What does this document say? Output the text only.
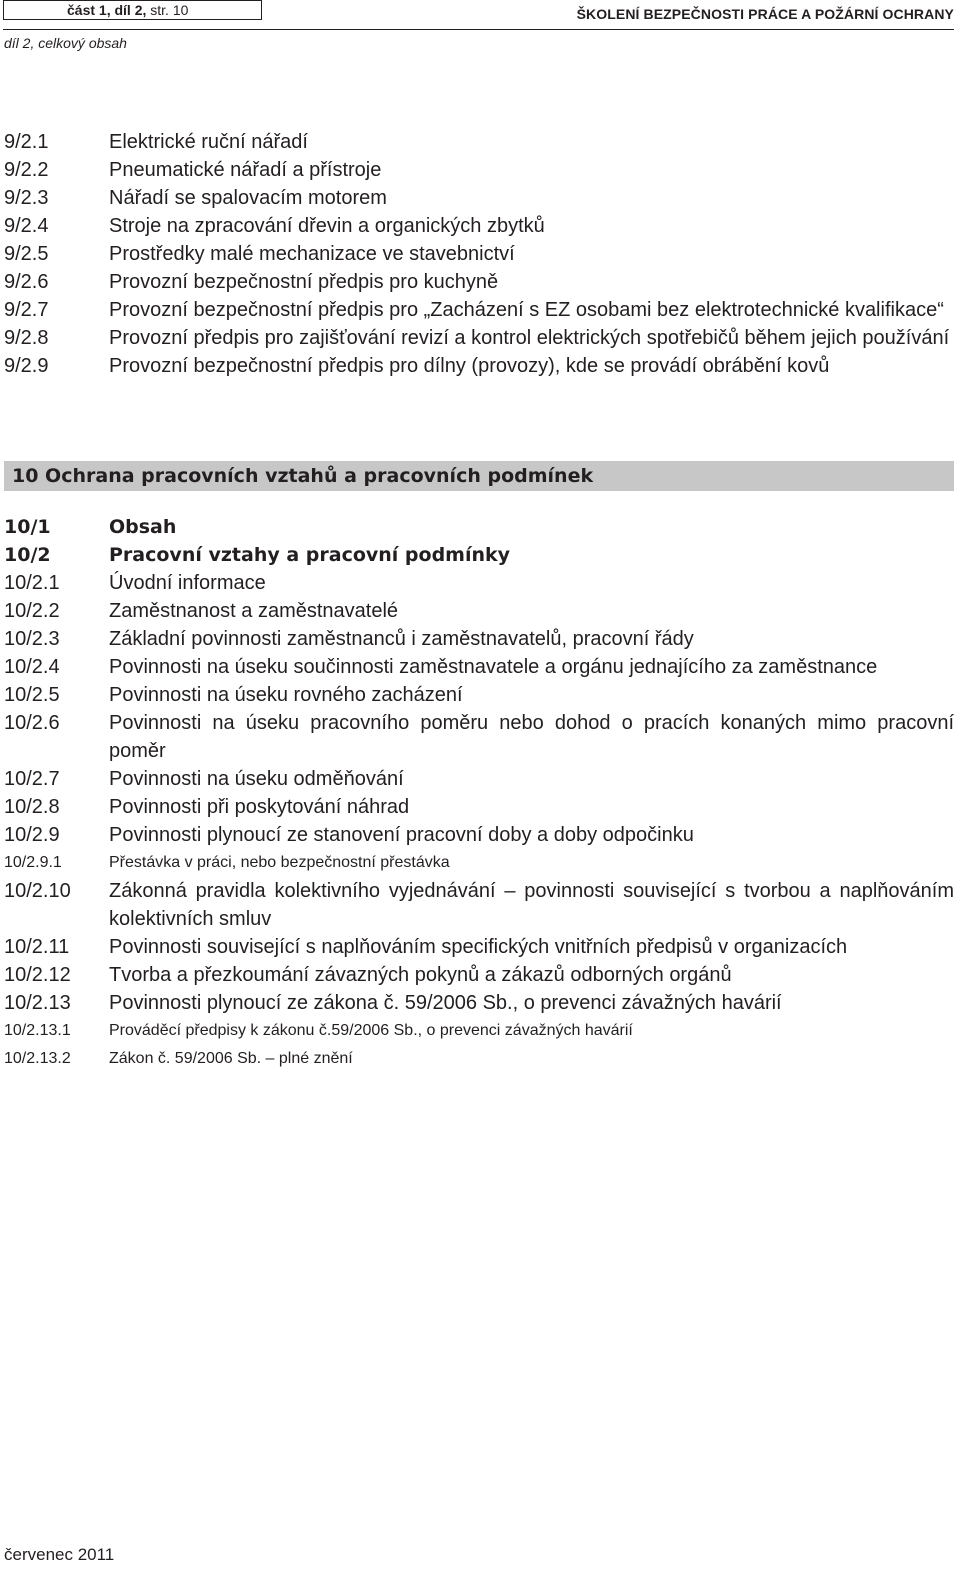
část 1, díl 2, str. 10	ŠKOLENÍ BEZPEČNOSTI PRÁCE A POŽÁRNÍ OCHRANY
díl 2, celkový obsah
9/2.1	Elektrické ruční nářadí
9/2.2	Pneumatické nářadí a přístroje
9/2.3	Nářadí se spalovacím motorem
9/2.4	Stroje na zpracování dřevin a organických zbytků
9/2.5	Prostředky malé mechanizace ve stavebnictví
9/2.6	Provozní bezpečnostní předpis pro kuchyně
9/2.7	Provozní bezpečnostní předpis pro „Zacházení s EZ osobami bez elektrotechnické kvalifikace“
9/2.8	Provozní předpis pro zajišťování revizí a kontrol elektrických spotřebičů během jejich používání
9/2.9	Provozní bezpečnostní předpis pro dílny (provozy), kde se provádí obrábění kovů
10 Ochrana pracovních vztahů a pracovních podmínek
10/1	Obsah
10/2	Pracovní vztahy a pracovní podmínky
10/2.1	Úvodní informace
10/2.2	Zaměstnanost a zaměstnavatelé
10/2.3	Základní povinnosti zaměstnanců i zaměstnavatelů, pracovní řády
10/2.4	Povinnosti na úseku součinnosti zaměstnavatele a orgánu jednajícího za zaměstnance
10/2.5	Povinnosti na úseku rovného zacházení
10/2.6	Povinnosti na úseku pracovního poměru nebo dohod o pracích konaných mimo pracovní poměr
10/2.7	Povinnosti na úseku odměňování
10/2.8	Povinnosti při poskytování náhrad
10/2.9	Povinnosti plynoucí ze stanovení pracovní doby a doby odpočinku
10/2.9.1	Přestávka v práci, nebo bezpečnostní přestávka
10/2.10	Zákonná pravidla kolektivního vyjednávání – povinnosti související s tvorbou a naplňováním kolektivních smluv
10/2.11	Povinnosti související s naplňováním specifických vnitřních předpisů v organizacích
10/2.12	Tvorba a přezkoumání závazných pokynů a zákazů odborných orgánů
10/2.13	Povinnosti plynoucí ze zákona č. 59/2006 Sb., o prevenci závažných havárií
10/2.13.1	Prováděcí předpisy k zákonu č.59/2006 Sb., o prevenci závažných havárií
10/2.13.2	Zákon č. 59/2006 Sb. – plné znění
červenec 2011
